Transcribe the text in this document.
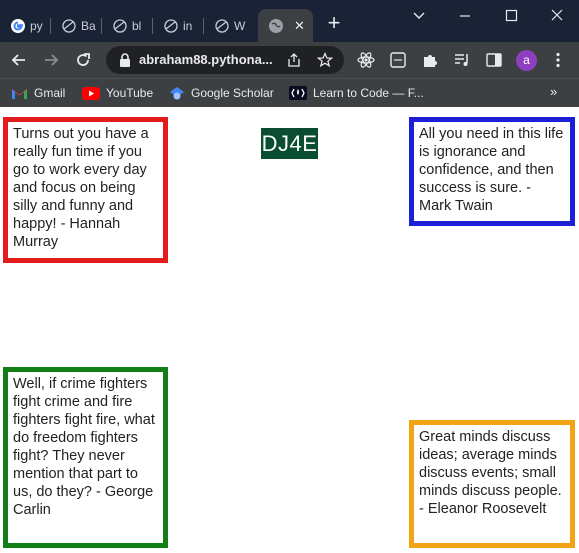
py	Ba	bl	in	W	✕ +
abraham88.pythona...	a
Gmail	YouTube	Google Scholar	Learn to Code — F...	»
Turns out you have a really fun time if you go to work every day and focus on being silly and funny and happy! - Hannah Murray
DJ4E	All you need in this life is ignorance and confidence, and then success is sure. - Mark Twain
Well, if crime fighters fight crime and fire fighters fight fire, what do freedom fighters fight? They never mention that part to us, do they? - George Carlin
Great minds discuss ideas; average minds discuss events; small minds discuss people. - Eleanor Roosevelt
